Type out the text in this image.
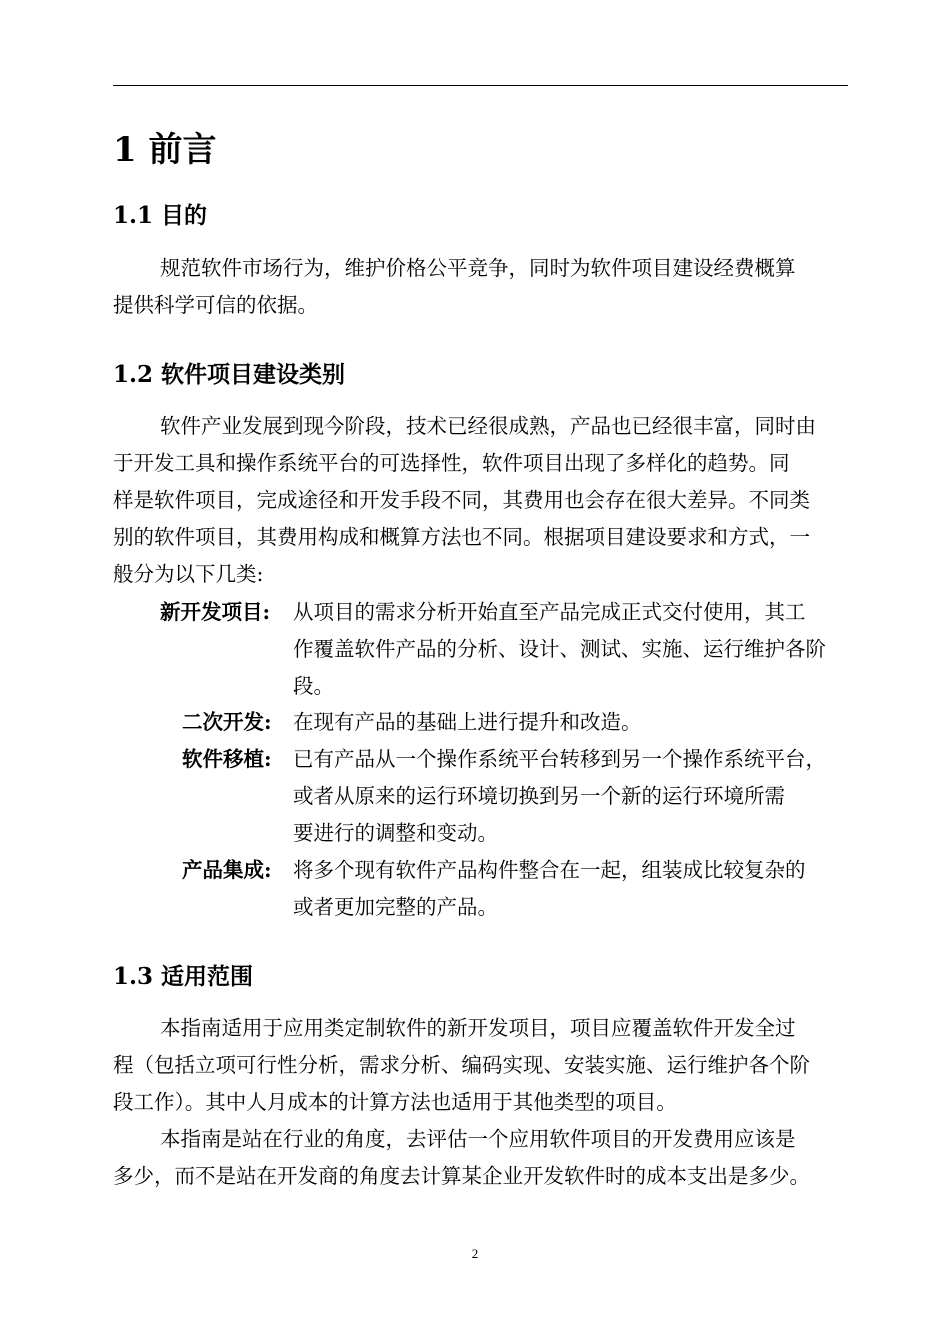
1 前言
1.1 目的
规范软件市场行为，维护价格公平竞争，同时为软件项目建设经费概算
提供科学可信的依据。
1.2 软件项目建设类别
软件产业发展到现今阶段，技术已经很成熟，产品也已经很丰富，同时由
于开发工具和操作系统平台的可选择性，软件项目出现了多样化的趋势。同
样是软件项目，完成途径和开发手段不同，其费用也会存在很大差异。不同类
别的软件项目，其费用构成和概算方法也不同。根据项目建设要求和方式，一
般分为以下几类:
新开发项目: 从项目的需求分析开始直至产品完成正式交付使用，其工
作覆盖软件产品的分析、设计、测试、实施、运行维护各阶
段。
二次开发: 在现有产品的基础上进行提升和改造。
软件移植: 已有产品从一个操作系统平台转移到另一个操作系统平台，
或者从原来的运行环境切换到另一个新的运行环境所需
要进行的调整和变动。
产品集成: 将多个现有软件产品构件整合在一起，组装成比较复杂的
或者更加完整的产品。
1.3 适用范围
本指南适用于应用类定制软件的新开发项目，项目应覆盖软件开发全过
程（包括立项可行性分析，需求分析、编码实现、安装实施、运行维护各个阶
段工作）。其中人月成本的计算方法也适用于其他类型的项目。
本指南是站在行业的角度，去评估一个应用软件项目的开发费用应该是
多少，而不是站在开发商的角度去计算某企业开发软件时的成本支出是多少。
2
